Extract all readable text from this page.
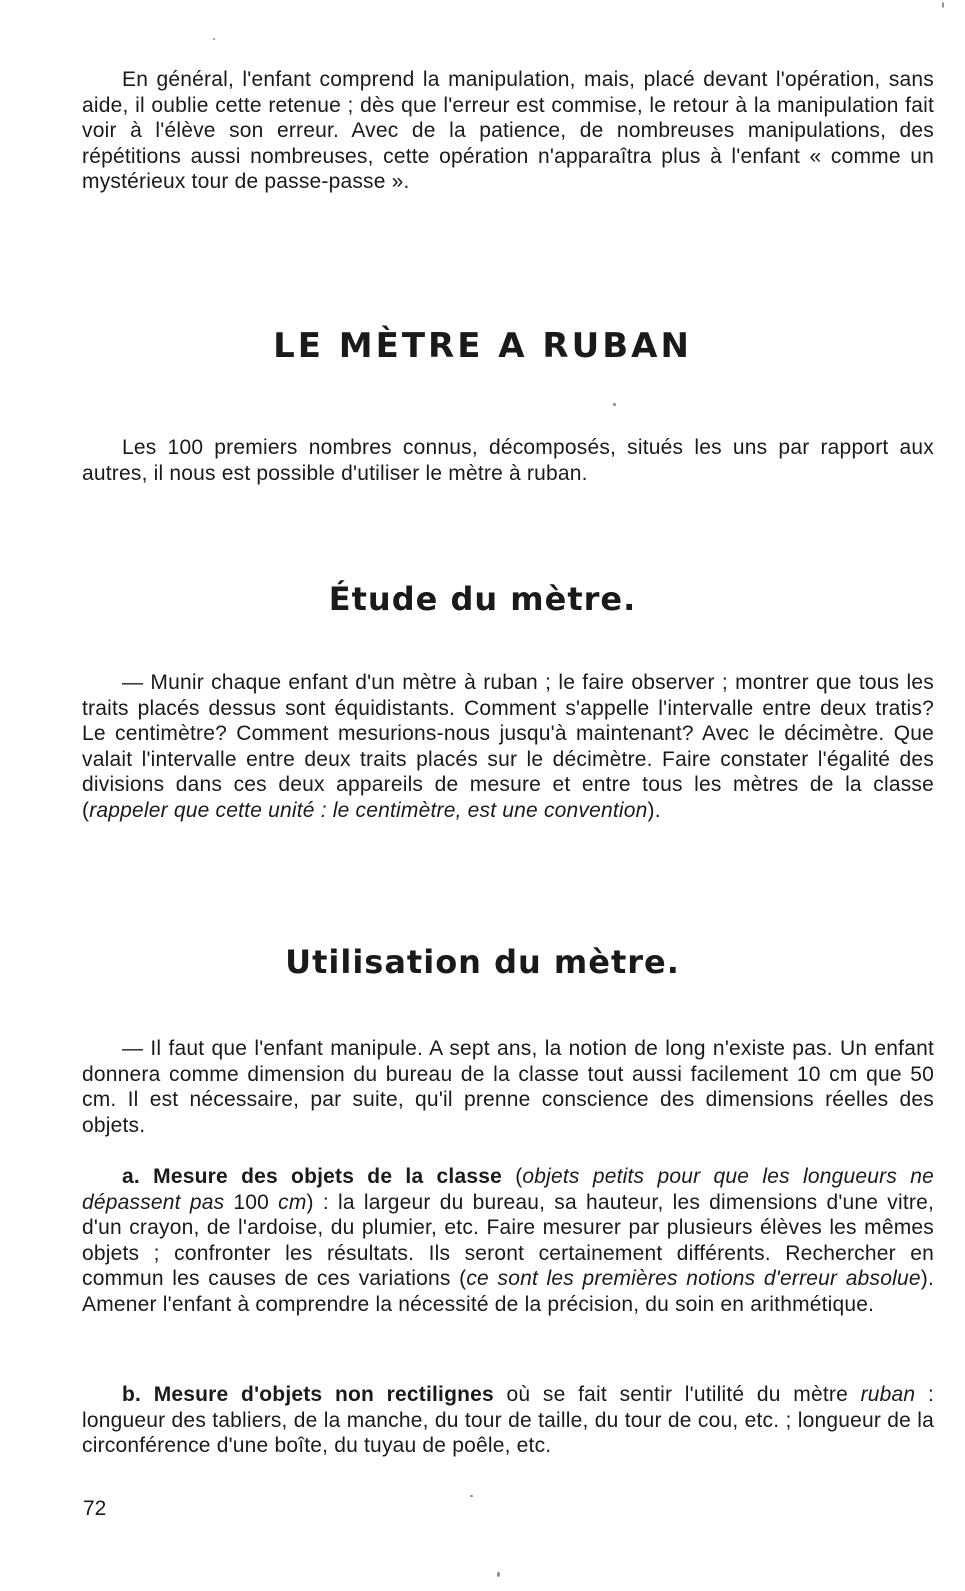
En général, l'enfant comprend la manipulation, mais, placé devant l'opération, sans aide, il oublie cette retenue ; dès que l'erreur est commise, le retour à la manipulation fait voir à l'élève son erreur. Avec de la patience, de nombreuses manipulations, des répétitions aussi nombreuses, cette opération n'apparaîtra plus à l'enfant « comme un mystérieux tour de passe-passe ».

LE MÈTRE A RUBAN

Les 100 premiers nombres connus, décomposés, situés les uns par rapport aux autres, il nous est possible d'utiliser le mètre à ruban.

Étude du mètre.

— Munir chaque enfant d'un mètre à ruban ; le faire observer ; montrer que tous les traits placés dessus sont équidistants. Comment s'appelle l'intervalle entre deux tratis? Le centimètre? Comment mesurions-nous jusqu'à maintenant? Avec le décimètre. Que valait l'intervalle entre deux traits placés sur le décimètre. Faire constater l'égalité des divisions dans ces deux appareils de mesure et entre tous les mètres de la classe (rappeler que cette unité : le centimètre, est une convention).

Utilisation du mètre.

— Il faut que l'enfant manipule. A sept ans, la notion de long n'existe pas. Un enfant donnera comme dimension du bureau de la classe tout aussi facilement 10 cm que 50 cm. Il est nécessaire, par suite, qu'il prenne conscience des dimensions réelles des objets.

a. Mesure des objets de la classe (objets petits pour que les longueurs ne dépassent pas 100 cm) : la largeur du bureau, sa hauteur, les dimensions d'une vitre, d'un crayon, de l'ardoise, du plumier, etc. Faire mesurer par plusieurs élèves les mêmes objets ; confronter les résultats. Ils seront certainement différents. Rechercher en commun les causes de ces variations (ce sont les premières notions d'erreur absolue). Amener l'enfant à comprendre la nécessité de la précision, du soin en arithmétique.

b. Mesure d'objets non rectilignes où se fait sentir l'utilité du mètre ruban : longueur des tabliers, de la manche, du tour de taille, du tour de cou, etc. ; longueur de la circonférence d'une boîte, du tuyau de poêle, etc.

72
